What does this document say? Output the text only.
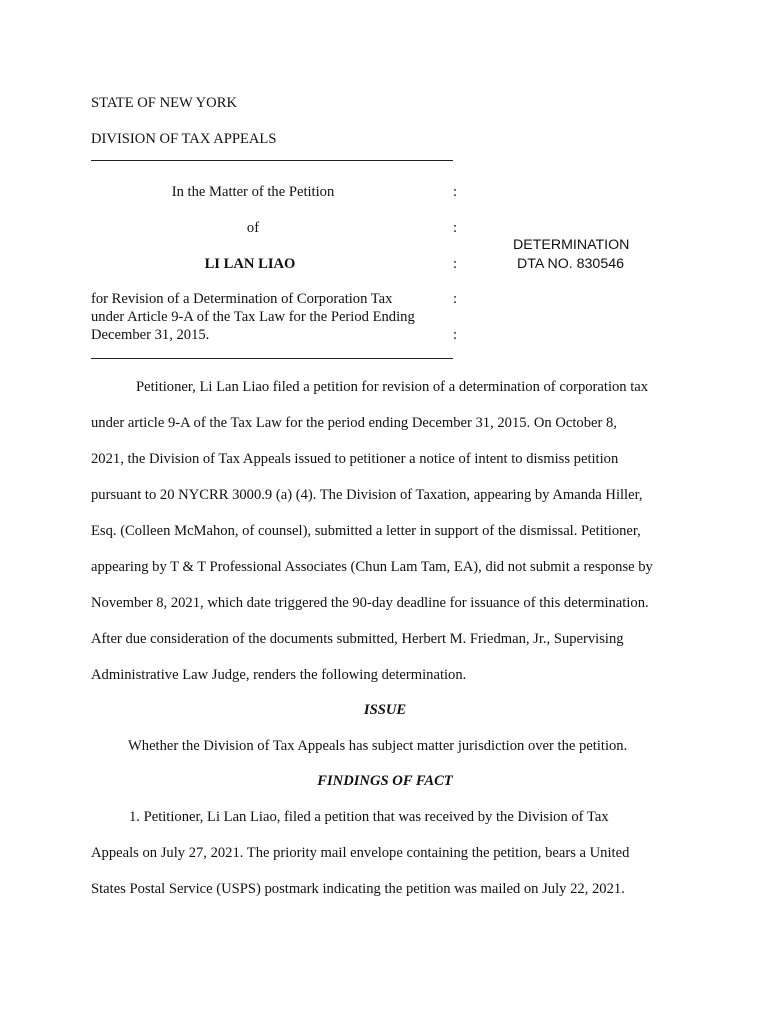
STATE OF NEW YORK
DIVISION OF TAX APPEALS
In the Matter of the Petition	:
of	:
LI LAN LIAO	:
DETERMINATION
DTA NO. 830546
for Revision of a Determination of Corporation Tax	:
under Article 9-A of the Tax Law for the Period Ending
December 31, 2015.	:
Petitioner, Li Lan Liao filed a petition for revision of a determination of corporation tax
under article 9-A of the Tax Law for the period ending December 31, 2015. On October 8,
2021, the Division of Tax Appeals issued to petitioner a notice of intent to dismiss petition
pursuant to 20 NYCRR 3000.9 (a) (4). The Division of Taxation, appearing by Amanda Hiller,
Esq. (Colleen McMahon, of counsel), submitted a letter in support of the dismissal. Petitioner,
appearing by T & T Professional Associates (Chun Lam Tam, EA), did not submit a response by
November 8, 2021, which date triggered the 90-day deadline for issuance of this determination.
After due consideration of the documents submitted, Herbert M. Friedman, Jr., Supervising
Administrative Law Judge, renders the following determination.
ISSUE
Whether the Division of Tax Appeals has subject matter jurisdiction over the petition.
FINDINGS OF FACT
1. Petitioner, Li Lan Liao, filed a petition that was received by the Division of Tax
Appeals on July 27, 2021. The priority mail envelope containing the petition, bears a United
States Postal Service (USPS) postmark indicating the petition was mailed on July 22, 2021.
